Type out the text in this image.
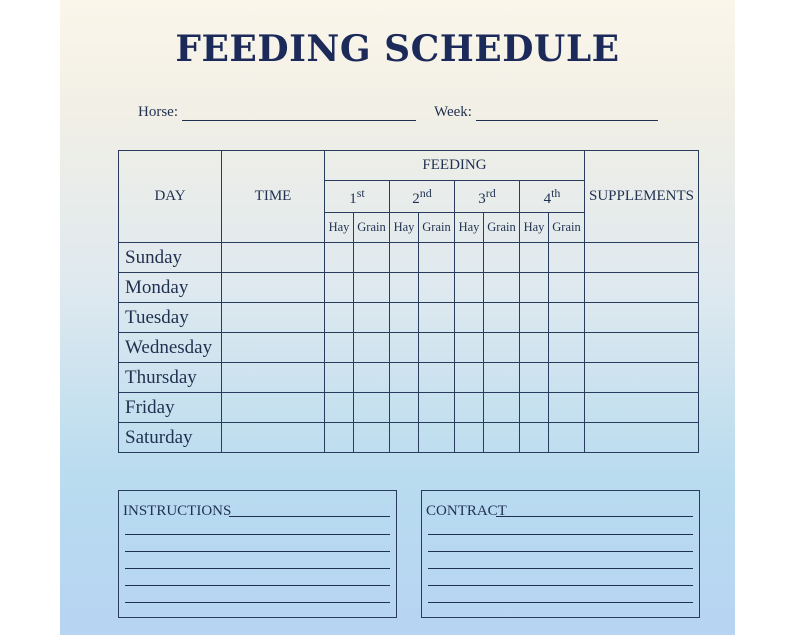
FEEDING SCHEDULE
Horse:	Week:
DAY	TIME	FEEDING								SUPPLEMENTS
		1st		2nd		3rd		4th
		Hay	Grain	Hay	Grain	Hay	Grain	Hay	Grain	
Sunday										
Monday										
Tuesday										
Wednesday										
Thursday										
Friday										
Saturday										
INSTRUCTIONS	CONTRACT
